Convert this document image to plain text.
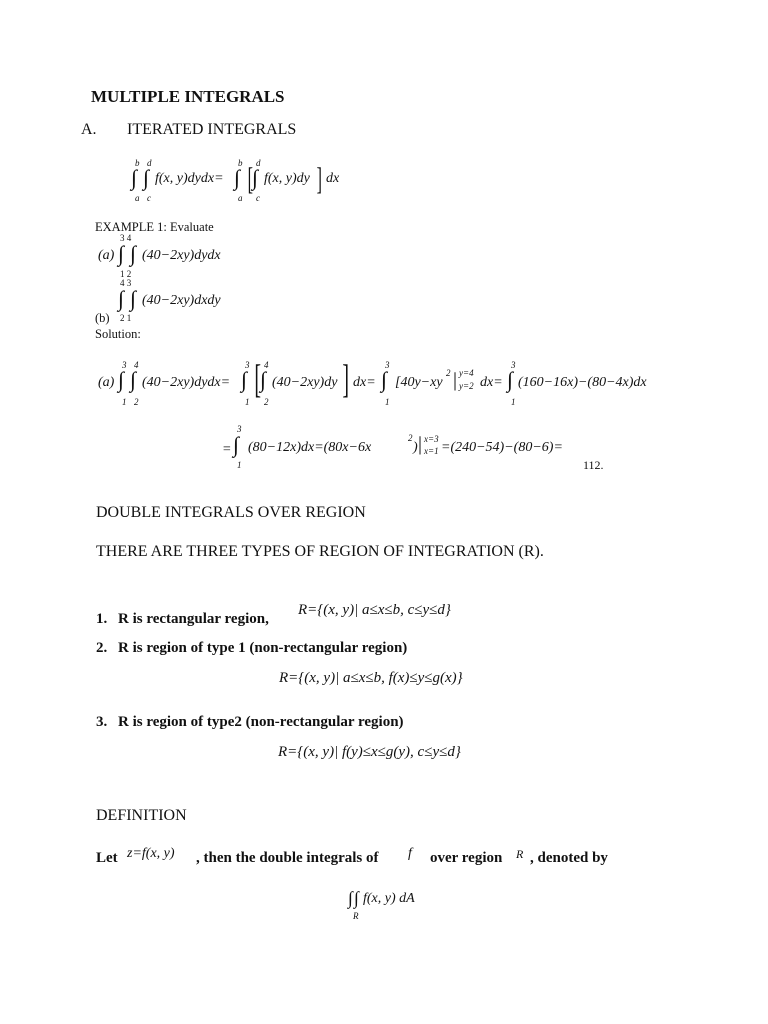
MULTIPLE INTEGRALS
A. ITERATED INTEGRALS
b d
∫ ∫
a c
f(x, y)dydx=
b
∫
a
[ d
∫
c
f(x, y)dy ] dx
EXAMPLE 1: Evaluate
3 4
(a) ∫ ∫ (40−2xy)dydx
1 2
4 3
∫ ∫ (40−2xy)dxdy
2 1
(b)
Solution:
3 4
(a) ∫ ∫
1 2
(40−2xy)dydx=
3
∫
1
[ 4
∫
2
(40−2xy)dy ] dx=
3
∫
1
[40y−xy
2 | y=4
y=2 dx=
3
∫
1
(160−16x)−(80−4x)dx
=
3
∫
1
(80−12x)dx=(80x−6x
2
) | x=3
x=1 =(240−54)−(80−6)=
112.
DOUBLE INTEGRALS OVER REGION
THERE ARE THREE TYPES OF REGION OF INTEGRATION (R).
1. R is rectangular region,
R={(x, y)| a≤x≤b, c≤y≤d}
2. R is region of type 1 (non-rectangular region)
R={(x, y)| a≤x≤b, f(x)≤y≤g(x)}
3. R is region of type2 (non-rectangular region)
R={(x, y)| f(y)≤x≤g(y), c≤y≤d}
DEFINITION
Let z=f(x, y) , then the double integrals of f over region R , denoted by
∫ ∫ f(x, y) dA
R
